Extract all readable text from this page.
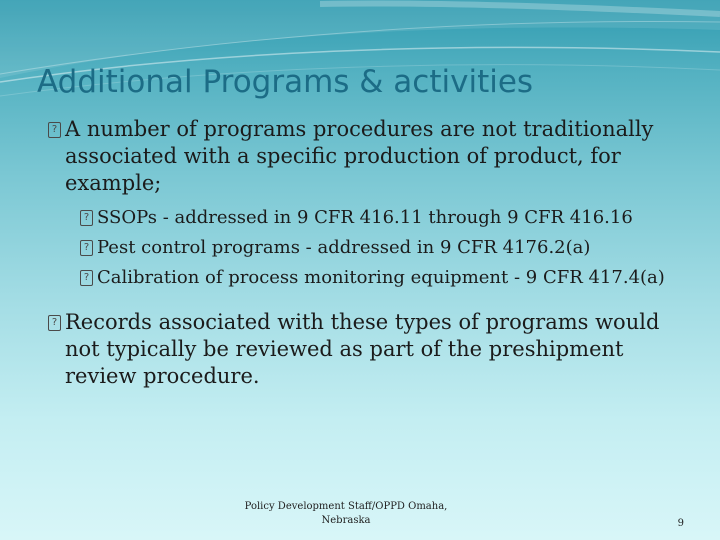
Additional Programs & activities

? A number of programs procedures are not traditionally associated with a specific production of product, for example;

? SSOPs - addressed in 9 CFR 416.11 through 9 CFR 416.16

? Pest control programs - addressed in 9 CFR 4176.2(a)

? Calibration of process monitoring equipment - 9 CFR 417.4(a)

? Records associated with these types of programs would not typically be reviewed as part of the preshipment review procedure.

Policy Development Staff/OPPD Omaha, Nebraska	9
